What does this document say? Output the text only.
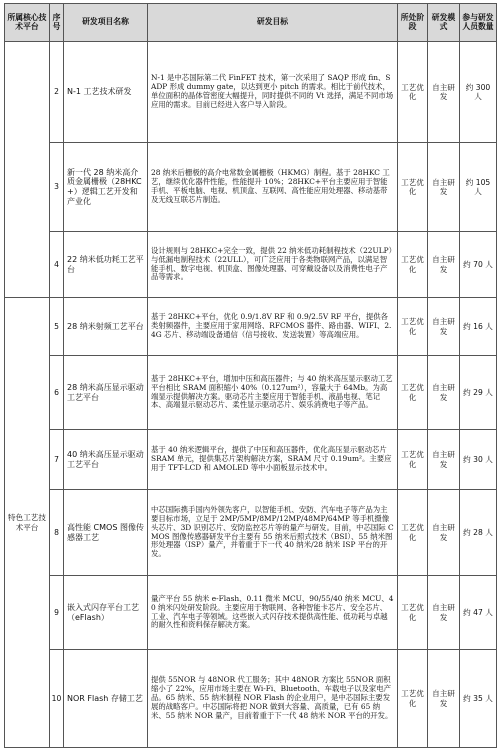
所属核心技术平台	序号	研发项目名称	研发目标	所处阶段	研发模式	参与研发人员数量
	2	N-1 工艺技术研发	N-1 是中芯国际第二代 FinFET 技术，第一次采用了 SAQP 形成 fin、SADP 形成 dummy gate，以达到更小 pitch 的需求。相比于前代技术，单位面积的晶体管密度大幅提升，同时提供不同的 Vt 选择，满足不同市场应用的需求。目前已经进入客户导入阶段。	工艺优化	自主研发	约 300 人
	3	新一代 28 纳米高介质金属栅极（28HKC+）逻辑工艺开发和产业化	28 纳米后栅极的高介电常数金属栅极（HKMG）制程。基于 28HKC 工艺，继续优化器件性能，性能提升 10%；28HKC+平台主要应用于智能手机、平板电脑、电视、机顶盒、互联网、高性能应用处理器、移动基带及无线互联芯片制造。	工艺优化	自主研发	约 105 人
	4	22 纳米低功耗工艺平台	设计规则与 28HKC+完全一致，提供 22 纳米低功耗制程技术（22ULP）与低漏电制程技术（22ULL），可广泛应用于各类物联网产品，以满足智能手机、数字电视、机顶盒、图像处理器、可穿戴设备以及消费性电子产品等需求。	工艺优化	自主研发	约 70 人
特色工艺技术平台	5	28 纳米射频工艺平台	基于 28HKC+平台，优化 0.9/1.8V RF 和 0.9/2.5V RF 平台，提供各类射频器件，主要应用于家用网络、RFCMOS 器件、路由器、WIFI、2.4G 芯片、移动端设备通信（信号接收、发送装置）等高端应用。	工艺优化	自主研发	约 16 人
	6	28 纳米高压显示驱动工艺平台	基于 28HKC+平台，增加中压和高压器件；与 40 纳米高压显示驱动工艺平台相比 SRAM 面积缩小 40%（0.127um²），容量大于 64Mb。为高端显示提供解决方案。驱动芯片主要应用于智能手机、液晶电视、笔记本、高端显示驱动芯片、柔性显示驱动芯片、娱乐消费电子等产品。	工艺优化	自主研发	约 29 人
	7	40 纳米高压显示驱动工艺平台	基于 40 纳米逻辑平台，提供了中压和高压器件，优化高压显示驱动芯片 SRAM 单元，提供集芯片架构解决方案，SRAM 尺寸 0.19um²。主要应用于 TFT-LCD 和 AMOLED 等中小面板显示技术中。	工艺优化	自主研发	约 30 人
	8	高性能 CMOS 图像传感器工艺	中芯国际携手国内外领先客户，以智能手机、安防、汽车电子等产品为主要目标市场，立足于 2MP/5MP/8MP/12MP/48MP/64MP 等手机摄像头芯片、3D 识别芯片、安防监控芯片等的量产与研发。目前，中芯国际 CMOS 图像传感器研发平台主要有 55 纳米后照式技术（BSI）、55 纳米图形处理器（ISP）量产，并着重于下一代 40 纳米/28 纳米 ISP 平台的开发。	工艺优化	自主研发	约 28 人
	9	嵌入式闪存平台工艺（eFlash）	量产平台 55 纳米 e-Flash、0.11 微米 MCU、90/55/40 纳米 MCU、40 纳米闪处研发阶段。主要应用于物联网、各种智能卡芯片、安全芯片、工业、汽车电子等领域。这些嵌入式闪存技术提供高性能、低功耗与卓越的耐久性和资料保存解决方案。	工艺优化	自主研发	约 47 人
	10	NOR Flash 存储工艺	提供 55NOR 与 48NOR 代工服务；其中 48NOR 方案比 55NOR 面积缩小了 22%，应用市场主要在 Wi-Fi、Bluetooth、车载电子以及家电产品。65 纳米、55 纳米制程 NOR Flash 的企业用户，是中芯国际主要发展的战略客户。中芯国际将把 NOR 做到大容量、高质量，已有 65 纳米、55 纳米 NOR 量产，目前着重于下一代 48 纳米 NOR 平台的开发。	工艺优化	自主研发	约 35 人
